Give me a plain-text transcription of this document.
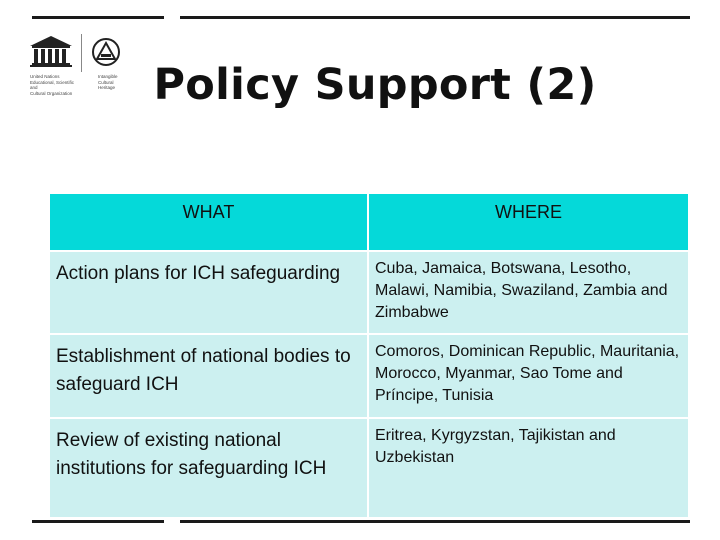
United Nations
Educational, Scientific and
Cultural Organization
Intangible
Cultural
Heritage Policy Support (2)
WHAT	WHERE
Action plans for ICH safeguarding	Cuba, Jamaica, Botswana, Lesotho, Malawi, Namibia, Swaziland, Zambia and Zimbabwe
Establishment of national bodies to safeguard ICH	Comoros, Dominican Republic, Mauritania, Morocco, Myanmar, Sao Tome and Príncipe, Tunisia
Review of existing national institutions for safeguarding ICH	Eritrea, Kyrgyzstan, Tajikistan and Uzbekistan
